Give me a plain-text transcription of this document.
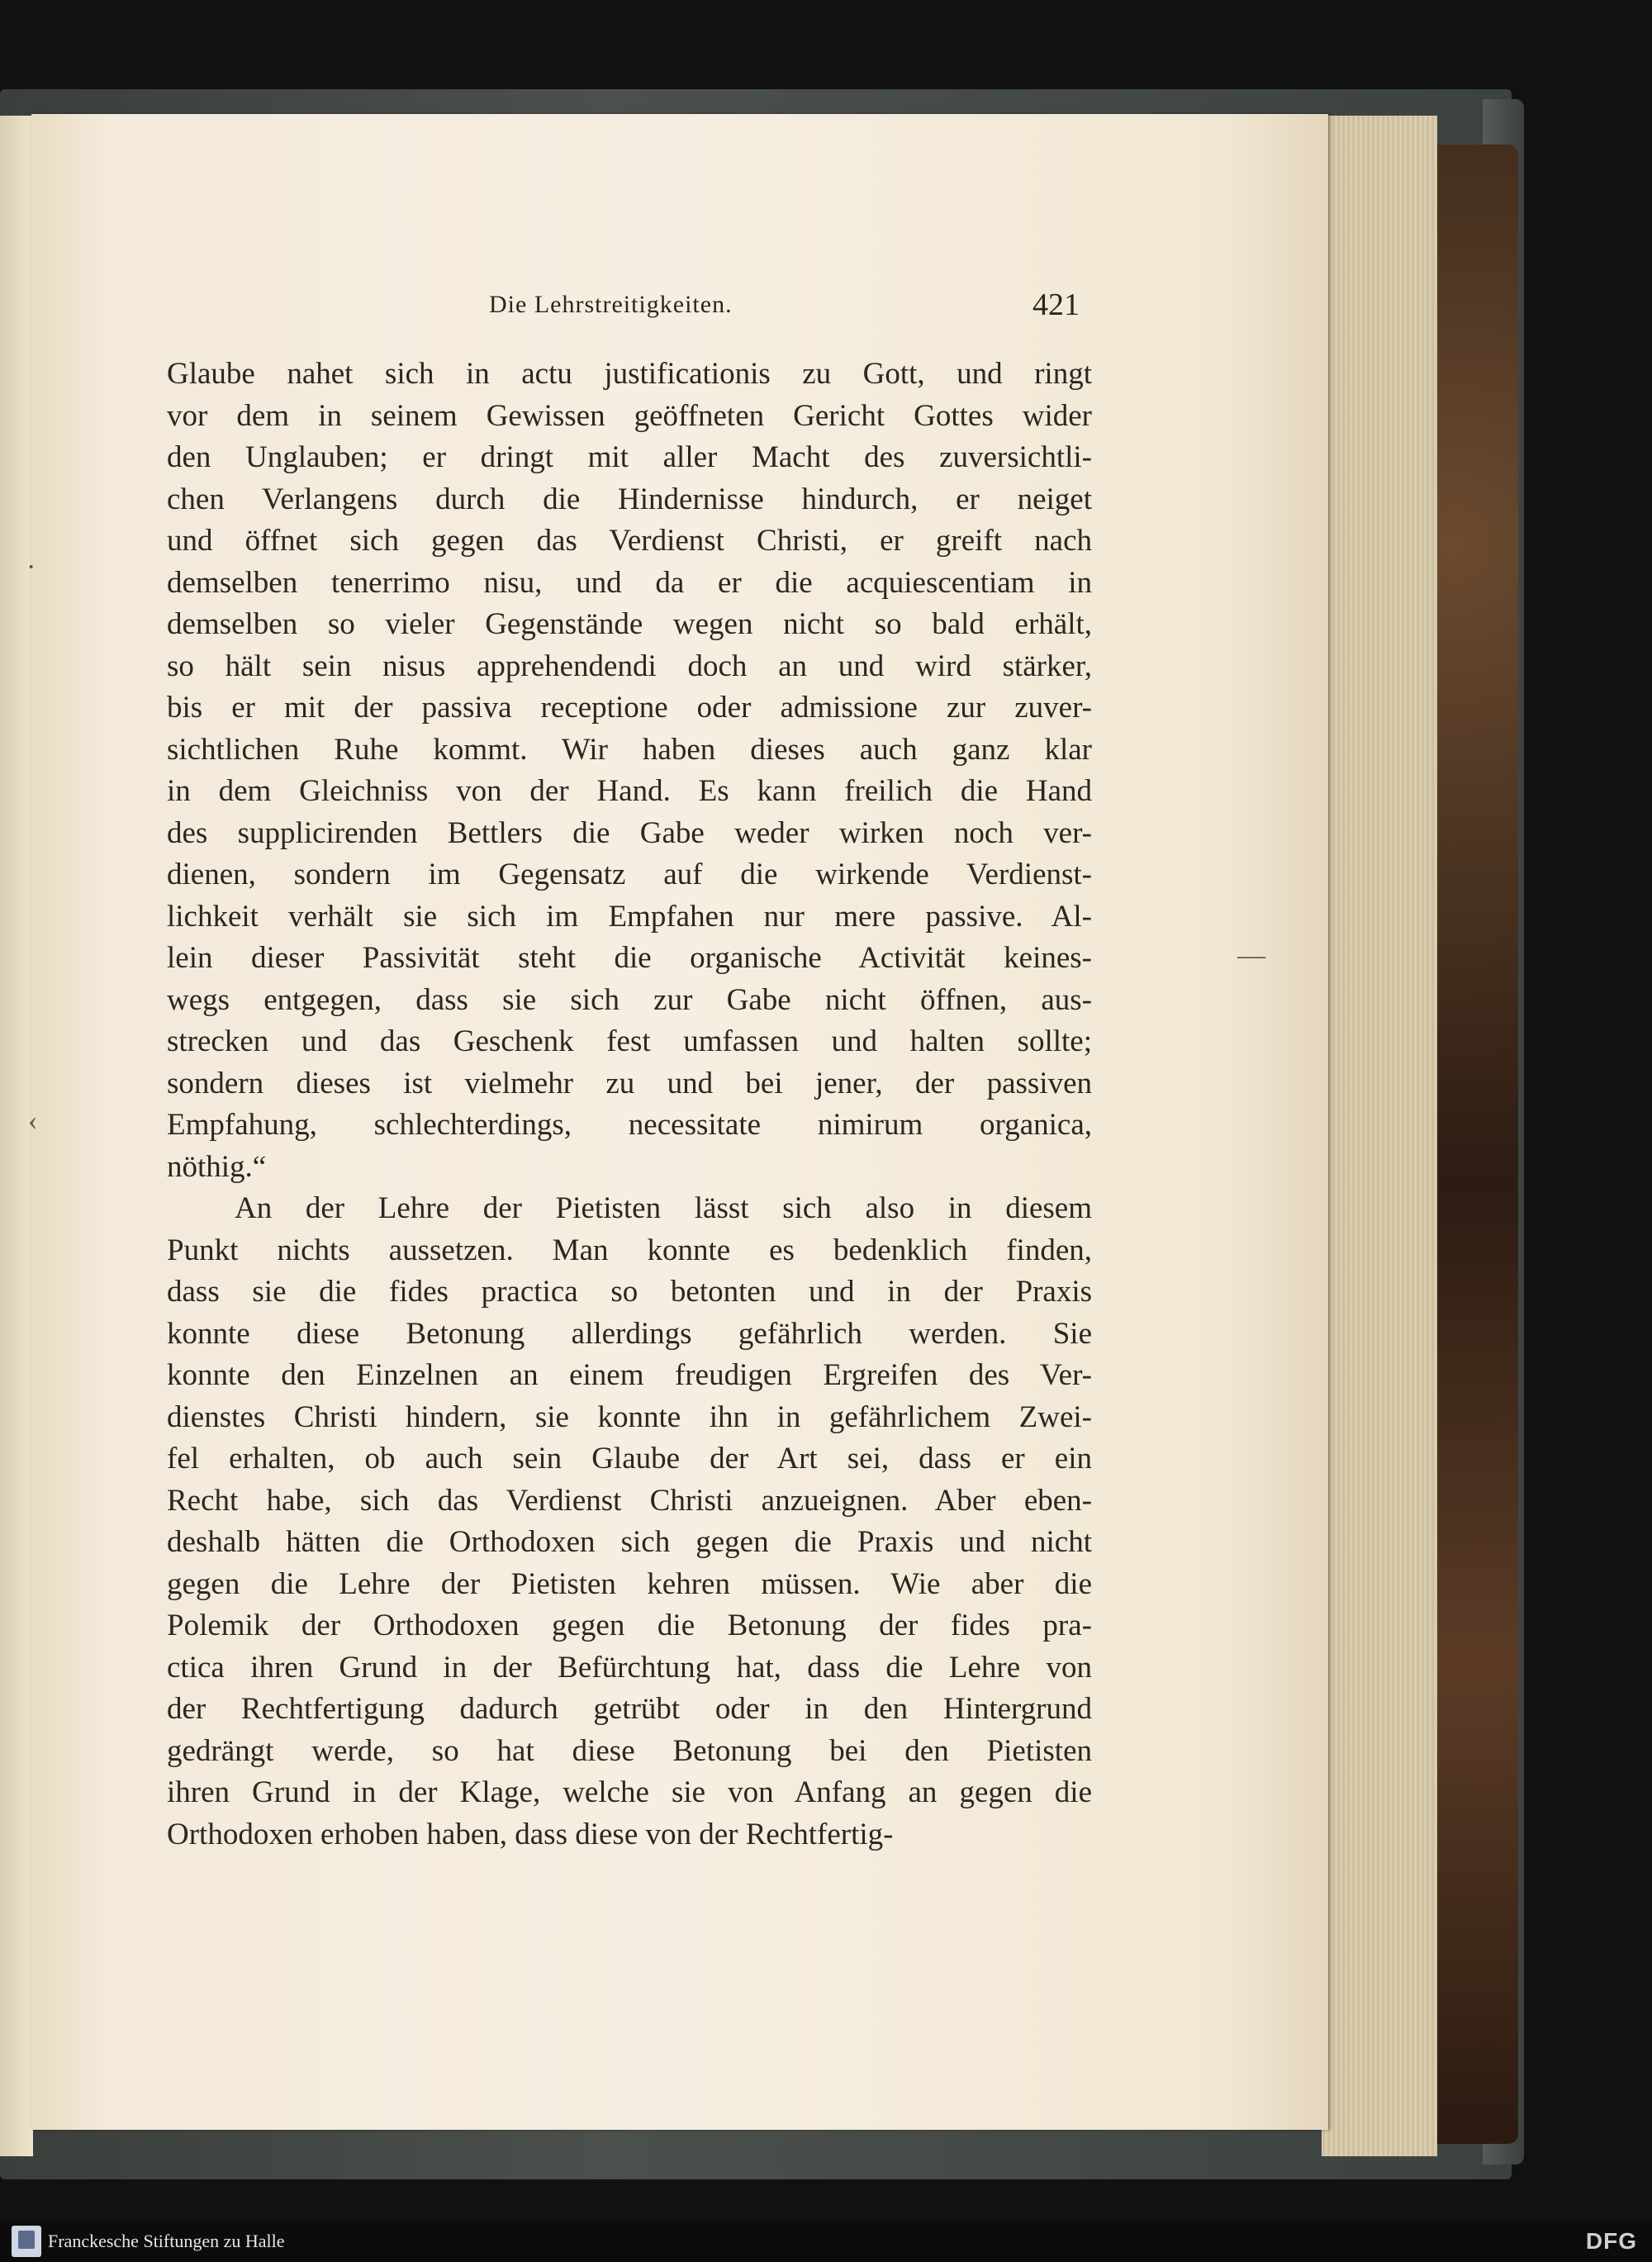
·
‹
—
Die Lehrstreitigkeiten.	421
Glaube nahet sich in actu justificationis zu Gott, und ringt
vor dem in seinem Gewissen geöffneten Gericht Gottes wider
den Unglauben; er dringt mit aller Macht des zuversichtli-
chen Verlangens durch die Hindernisse hindurch, er neiget
und öffnet sich gegen das Verdienst Christi, er greift nach
demselben tenerrimo nisu, und da er die acquiescentiam in
demselben so vieler Gegenstände wegen nicht so bald erhält,
so hält sein nisus apprehendendi doch an und wird stärker,
bis er mit der passiva receptione oder admissione zur zuver-
sichtlichen Ruhe kommt. Wir haben dieses auch ganz klar
in dem Gleichniss von der Hand. Es kann freilich die Hand
des supplicirenden Bettlers die Gabe weder wirken noch ver-
dienen, sondern im Gegensatz auf die wirkende Verdienst-
lichkeit verhält sie sich im Empfahen nur mere passive. Al-
lein dieser Passivität steht die organische Activität keines-
wegs entgegen, dass sie sich zur Gabe nicht öffnen, aus-
strecken und das Geschenk fest umfassen und halten sollte;
sondern dieses ist vielmehr zu und bei jener, der passiven
Empfahung, schlechterdings, necessitate nimirum organica,
nöthig.“
An der Lehre der Pietisten lässt sich also in diesem
Punkt nichts aussetzen. Man konnte es bedenklich finden,
dass sie die fides practica so betonten und in der Praxis
konnte diese Betonung allerdings gefährlich werden. Sie
konnte den Einzelnen an einem freudigen Ergreifen des Ver-
dienstes Christi hindern, sie konnte ihn in gefährlichem Zwei-
fel erhalten, ob auch sein Glaube der Art sei, dass er ein
Recht habe, sich das Verdienst Christi anzueignen. Aber eben-
deshalb hätten die Orthodoxen sich gegen die Praxis und nicht
gegen die Lehre der Pietisten kehren müssen. Wie aber die
Polemik der Orthodoxen gegen die Betonung der fides pra-
ctica ihren Grund in der Befürchtung hat, dass die Lehre von
der Rechtfertigung dadurch getrübt oder in den Hintergrund
gedrängt werde, so hat diese Betonung bei den Pietisten
ihren Grund in der Klage, welche sie von Anfang an gegen die
Orthodoxen erhoben haben, dass diese von der Rechtfertig-
Franckesche Stiftungen zu Halle	DFG
